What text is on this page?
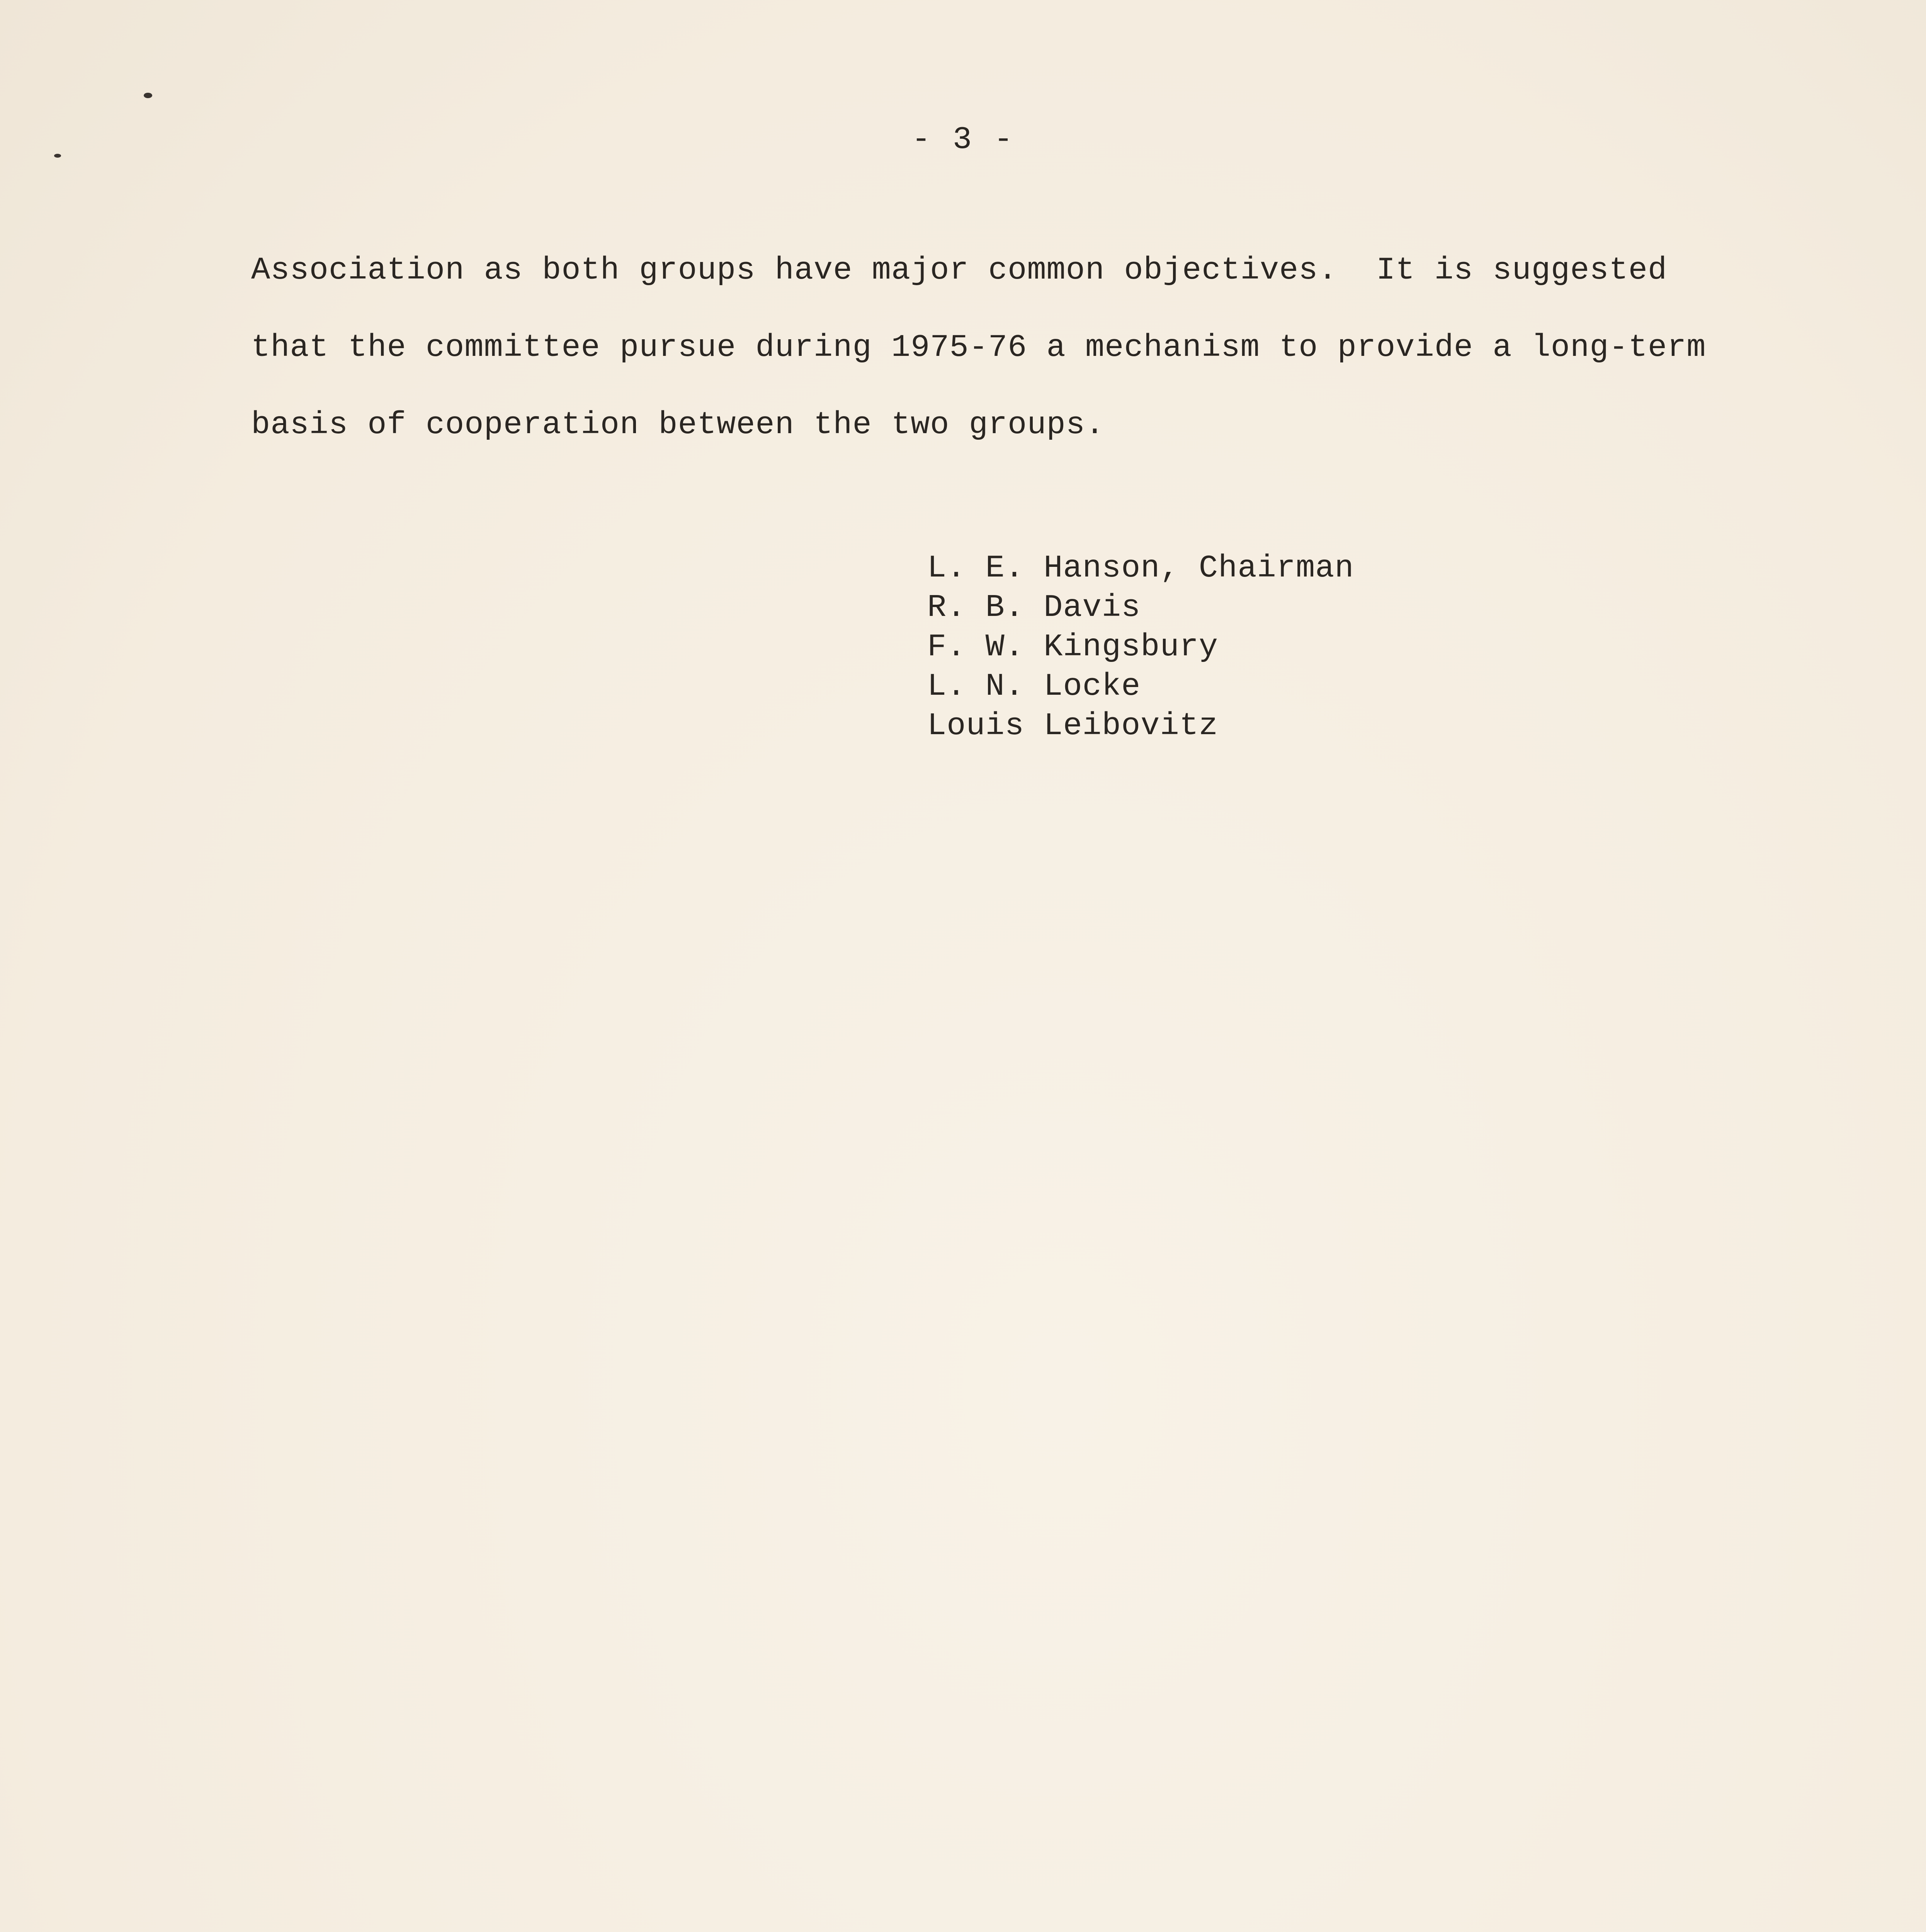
- 3 -
Association as both groups have major common objectives.  It is suggested
that the committee pursue during 1975-76 a mechanism to provide a long-term
basis of cooperation between the two groups.
L. E. Hanson, Chairman
R. B. Davis
F. W. Kingsbury
L. N. Locke
Louis Leibovitz
